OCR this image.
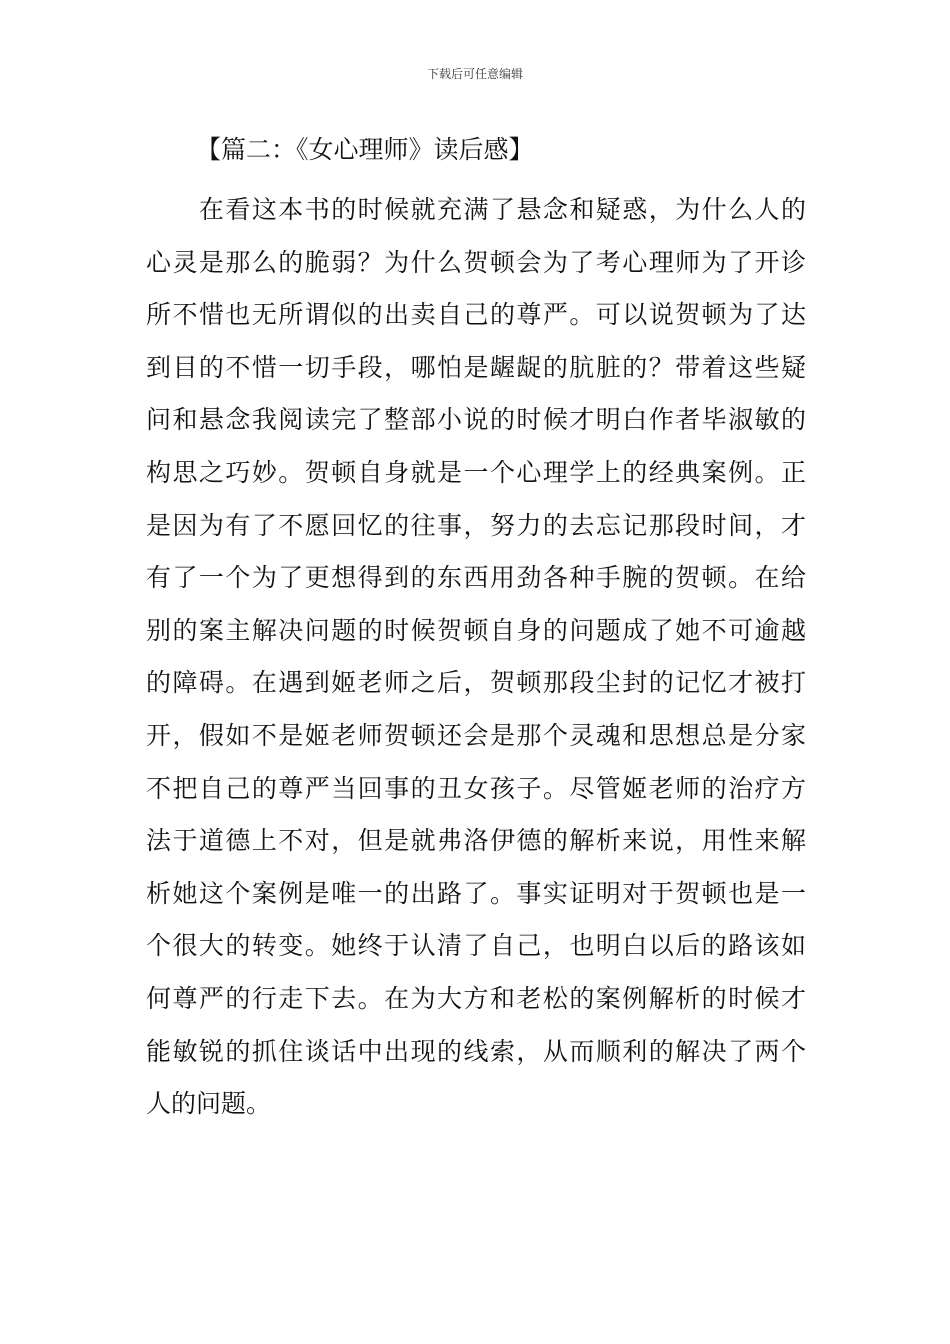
下载后可任意编辑
【篇二：《女心理师》读后感】
　　在看这本书的时候就充满了悬念和疑惑，为什么人的
心灵是那么的脆弱？为什么贺顿会为了考心理师为了开诊
所不惜也无所谓似的出卖自己的尊严。可以说贺顿为了达
到目的不惜一切手段，哪怕是龌龊的肮脏的？带着这些疑
问和悬念我阅读完了整部小说的时候才明白作者毕淑敏的
构思之巧妙。贺顿自身就是一个心理学上的经典案例。正
是因为有了不愿回忆的往事，努力的去忘记那段时间，才
有了一个为了更想得到的东西用劲各种手腕的贺顿。在给
别的案主解决问题的时候贺顿自身的问题成了她不可逾越
的障碍。在遇到姬老师之后，贺顿那段尘封的记忆才被打
开，假如不是姬老师贺顿还会是那个灵魂和思想总是分家
不把自己的尊严当回事的丑女孩子。尽管姬老师的治疗方
法于道德上不对，但是就弗洛伊德的解析来说，用性来解
析她这个案例是唯一的出路了。事实证明对于贺顿也是一
个很大的转变。她终于认清了自己，也明白以后的路该如
何尊严的行走下去。在为大方和老松的案例解析的时候才
能敏锐的抓住谈话中出现的线索，从而顺利的解决了两个
人的问题。
